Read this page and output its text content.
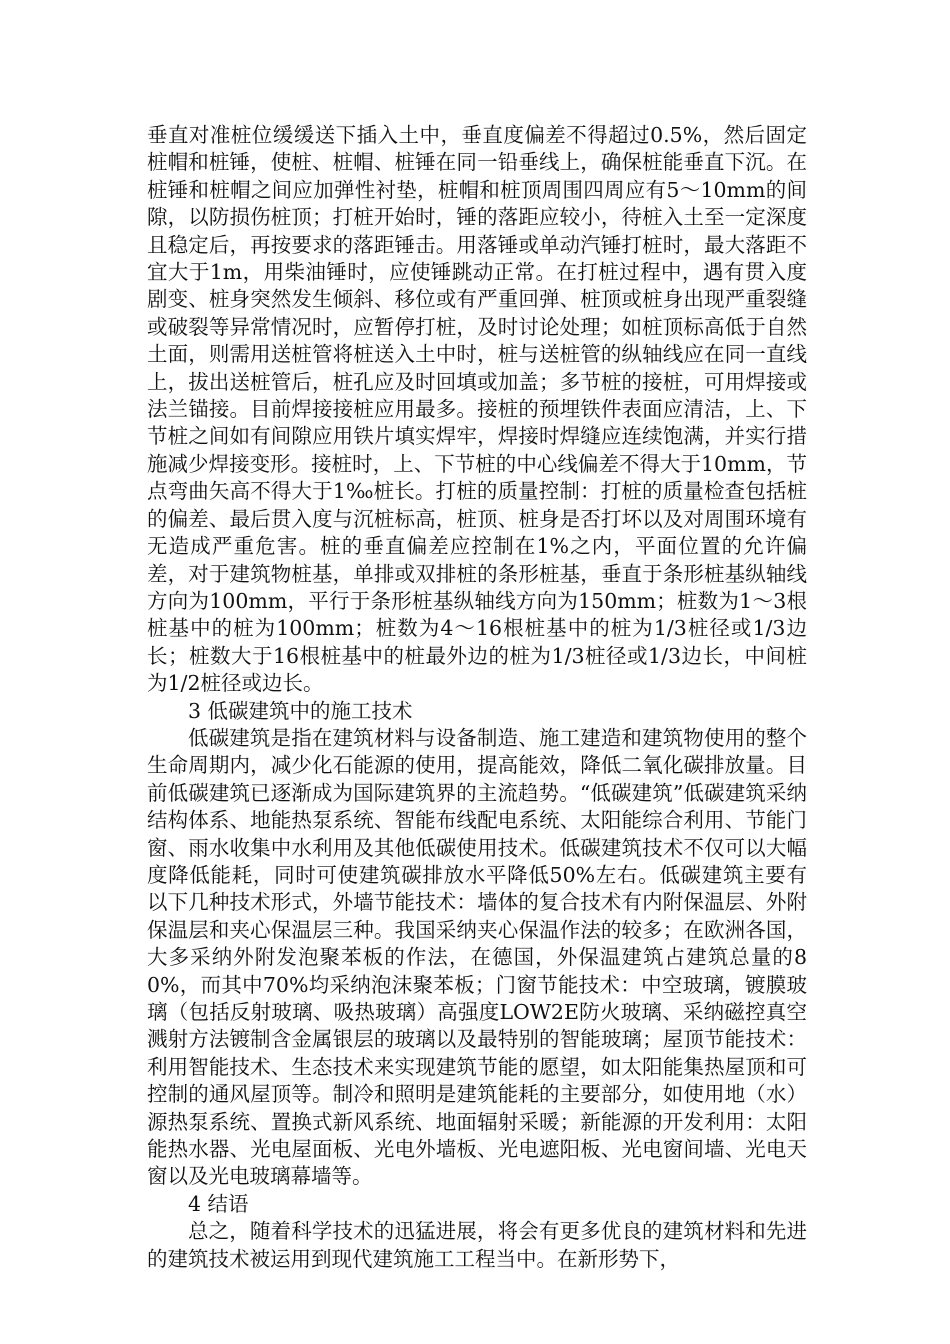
垂直对准桩位缓缓送下插入土中，垂直度偏差不得超过0.5%，然后固定桩帽和桩锤，使桩、桩帽、桩锤在同一铅垂线上，确保桩能垂直下沉。在桩锤和桩帽之间应加弹性衬垫，桩帽和桩顶周围四周应有5～10mm的间隙，以防损伤桩顶；打桩开始时，锤的落距应较小，待桩入土至一定深度且稳定后，再按要求的落距锤击。用落锤或单动汽锤打桩时，最大落距不宜大于1m，用柴油锤时，应使锤跳动正常。在打桩过程中，遇有贯入度剧变、桩身突然发生倾斜、移位或有严重回弹、桩顶或桩身出现严重裂缝或破裂等异常情况时，应暂停打桩，及时讨论处理；如桩顶标高低于自然土面，则需用送桩管将桩送入土中时，桩与送桩管的纵轴线应在同一直线上，拔出送桩管后，桩孔应及时回填或加盖；多节桩的接桩，可用焊接或法兰锚接。目前焊接接桩应用最多。接桩的预埋铁件表面应清洁，上、下节桩之间如有间隙应用铁片填实焊牢，焊接时焊缝应连续饱满，并实行措施减少焊接变形。接桩时，上、下节桩的中心线偏差不得大于10mm，节点弯曲矢高不得大于1‰桩长。打桩的质量控制：打桩的质量检查包括桩的偏差、最后贯入度与沉桩标高，桩顶、桩身是否打坏以及对周围环境有无造成严重危害。桩的垂直偏差应控制在1%之内，平面位置的允许偏差，对于建筑物桩基，单排或双排桩的条形桩基，垂直于条形桩基纵轴线方向为100mm，平行于条形桩基纵轴线方向为150mm；桩数为1～3根桩基中的桩为100mm；桩数为4～16根桩基中的桩为1/3桩径或1/3边长；桩数大于16根桩基中的桩最外边的桩为1/3桩径或1/3边长，中间桩为1/2桩径或边长。

3 低碳建筑中的施工技术

低碳建筑是指在建筑材料与设备制造、施工建造和建筑物使用的整个生命周期内，减少化石能源的使用，提高能效，降低二氧化碳排放量。目前低碳建筑已逐渐成为国际建筑界的主流趋势。“低碳建筑”低碳建筑采纳结构体系、地能热泵系统、智能布线配电系统、太阳能综合利用、节能门窗、雨水收集中水利用及其他低碳使用技术。低碳建筑技术不仅可以大幅度降低能耗，同时可使建筑碳排放水平降低50%左右。低碳建筑主要有以下几种技术形式，外墙节能技术：墙体的复合技术有内附保温层、外附保温层和夹心保温层三种。我国采纳夹心保温作法的较多；在欧洲各国，大多采纳外附发泡聚苯板的作法，在德国，外保温建筑占建筑总量的80%，而其中70%均采纳泡沫聚苯板；门窗节能技术：中空玻璃，镀膜玻璃（包括反射玻璃、吸热玻璃）高强度LOW2E防火玻璃、采纳磁控真空溅射方法镀制含金属银层的玻璃以及最特别的智能玻璃；屋顶节能技术：利用智能技术、生态技术来实现建筑节能的愿望，如太阳能集热屋顶和可控制的通风屋顶等。制冷和照明是建筑能耗的主要部分，如使用地（水）源热泵系统、置换式新风系统、地面辐射采暖；新能源的开发利用：太阳能热水器、光电屋面板、光电外墙板、光电遮阳板、光电窗间墙、光电天窗以及光电玻璃幕墙等。

4 结语

总之，随着科学技术的迅猛进展，将会有更多优良的建筑材料和先进的建筑技术被运用到现代建筑施工工程当中。在新形势下，
